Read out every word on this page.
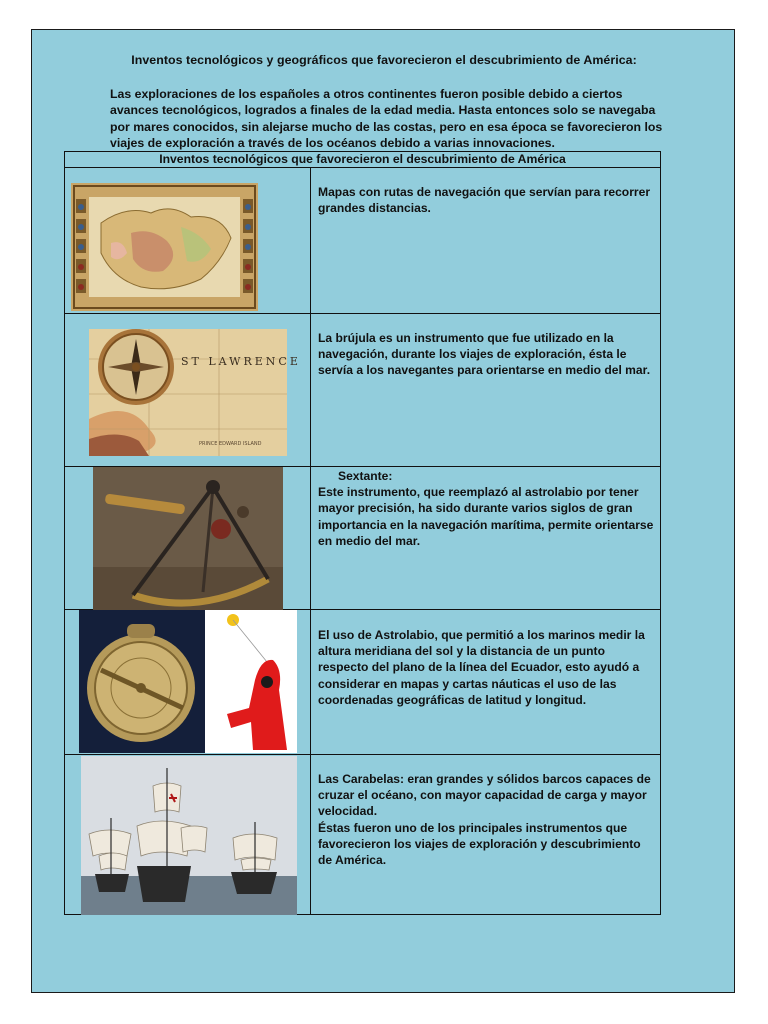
Inventos tecnológicos y geográficos que favorecieron el descubrimiento de América:
Las exploraciones de los españoles a otros continentes fueron posible debido a ciertos avances tecnológicos, logrados a finales de la edad media. Hasta entonces solo se navegaba por mares conocidos, sin alejarse mucho de las costas, pero en esa época se favorecieron los viajes de exploración a través de los océanos debido a varias innovaciones.
Inventos tecnológicos que favorecieron el descubrimiento de América
Mapas con rutas de navegación que servían para recorrer grandes distancias.
ST LAWRENCE
PRINCE EDWARD ISLAND
La brújula es un instrumento que fue utilizado en la navegación, durante los viajes de exploración, ésta le servía a los navegantes para orientarse en medio del mar.
Sextante:
Este instrumento, que reemplazó al astrolabio por tener mayor precisión, ha sido durante varios siglos de gran importancia en la navegación marítima, permite orientarse en medio del mar.
El uso de Astrolabio, que permitió a los marinos medir la altura meridiana del sol y la distancia de un punto respecto del plano de la línea del Ecuador, esto ayudó a considerar en mapas y cartas náuticas el uso de las coordenadas geográficas de latitud y longitud.
Las Carabelas: eran grandes y sólidos barcos capaces de cruzar el océano, con mayor capacidad de carga y mayor velocidad.
Éstas fueron uno de los principales instrumentos que favorecieron los viajes de exploración y descubrimiento de América.
